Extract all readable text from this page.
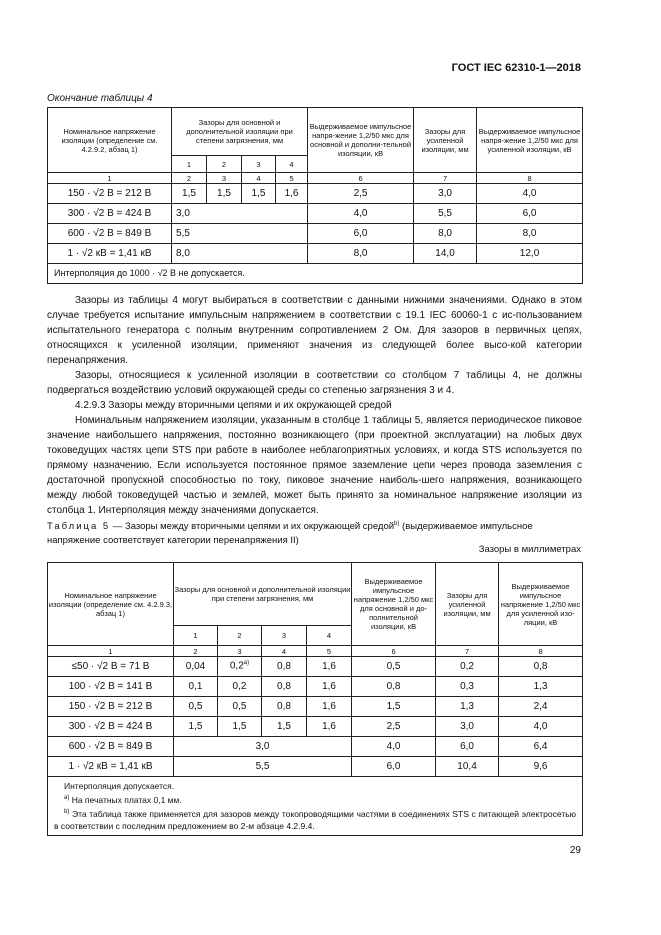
ГОСТ IEC 62310-1—2018
Окончание таблицы 4
Номинальное напряжение изоляции (определение см. 4.2.9.2, абзац 1)	Зазоры для основной и дополнительной изоляции при степени загрязнения, мм				Выдерживаемое импульсное напря-жение 1,2/50 мкс для основной и дополни-тельной изоляции, кВ	Зазоры для усиленной изоляции, мм	Выдерживаемое импульсное напря-жение 1,2/50 мкс для усиленной изоляции, кВ
	1	2	3	4			
1	2	3	4	5	6	7	8
150 · √2 В = 212 В	1,5	1,5	1,5	1,6	2,5	3,0	4,0
300 · √2 В = 424 В	3,0				4,0	5,5	6,0
600 · √2 В = 849 В	5,5				6,0	8,0	8,0
1 · √2 кВ = 1,41 кВ	8,0				8,0	14,0	12,0
Интерполяция до 1000 · √2 В не допускается.							

Зазоры из таблицы 4 могут выбираться в соответствии с данными нижними значениями. Однако в этом случае требуется испытание импульсным напряжением в соответствии с 19.1 IEC 60060-1 с ис-пользованием испытательного генератора с полным внутренним сопротивлением 2 Ом. Для зазоров в первичных цепях, относящихся к усиленной изоляции, применяют значения из следующей более высо-кой категории перенапряжения.

Зазоры, относящиеся к усиленной изоляции в соответствии со столбцом 7 таблицы 4, не должны подвергаться воздействию условий окружающей среды со степенью загрязнения 3 и 4.

4.2.9.3 Зазоры между вторичными цепями и их окружающей средой

Номинальным напряжением изоляции, указанным в столбце 1 таблицы 5, является периодическое пиковое значение наибольшего напряжения, постоянно возникающего (при проектной эксплуатации) на любых двух токоведущих частях цепи STS при работе в наиболее неблагоприятных условиях, и когда STS используется по прямому назначению. Если используется постоянное прямое заземление цепи через провода заземления с достаточной пропускной способностью по току, пиковое значение наиболь-шего напряжения, возникающего между любой токоведущей частью и землей, может быть принято за номинальное напряжение изоляции из столбца 1. Интерполяция между значениями допускается.

Таблица 5 — Зазоры между вторичными цепями и их окружающей средой$^{b)}$ (выдерживаемое импульсное напряжение соответствует категории перенапряжения II)
Зазоры в миллиметрах
Номинальное напряжение изоляции (определение см. 4.2.9.3, абзац 1)	Зазоры для основной и дополнительной изоляции при степени загрязнения, мм				Выдерживаемое импульсное напряжение 1,2/50 мкс для основной и до-полнительной изоляции, кВ	Зазоры для усиленной изоляции, мм	Выдерживаемое импульсное напряжение 1,2/50 мкс для усиленной изо-ляции, кВ
	1	2	3	4			
1	2	3	4	5	6	7	8
≤50 · √2 В = 71 В	0,04	0,2$^{a)}$	0,8	1,6	0,5	0,2	0,8
100 · √2 В = 141 В	0,1	0,2	0,8	1,6	0,8	0,3	1,3
150 · √2 В = 212 В	0,5	0,5	0,8	1,6	1,5	1,3	2,4
300 · √2 В = 424 В	1,5	1,5	1,5	1,6	2,5	3,0	4,0
600 · √2 В = 849 В	3,0				4,0	6,0	6,4
1 · √2 кВ = 1,41 кВ	5,5				6,0	10,4	9,6

Интерполяция допускается.
$^{a)}$ На печатных платах 0,1 мм.
$^{b)}$ Эта таблица также применяется для зазоров между токопроводящими частями в соединениях STS с питающей электросетью в соответствии с последним предложением во 2-м абзаце 4.2.9.4.							
29
